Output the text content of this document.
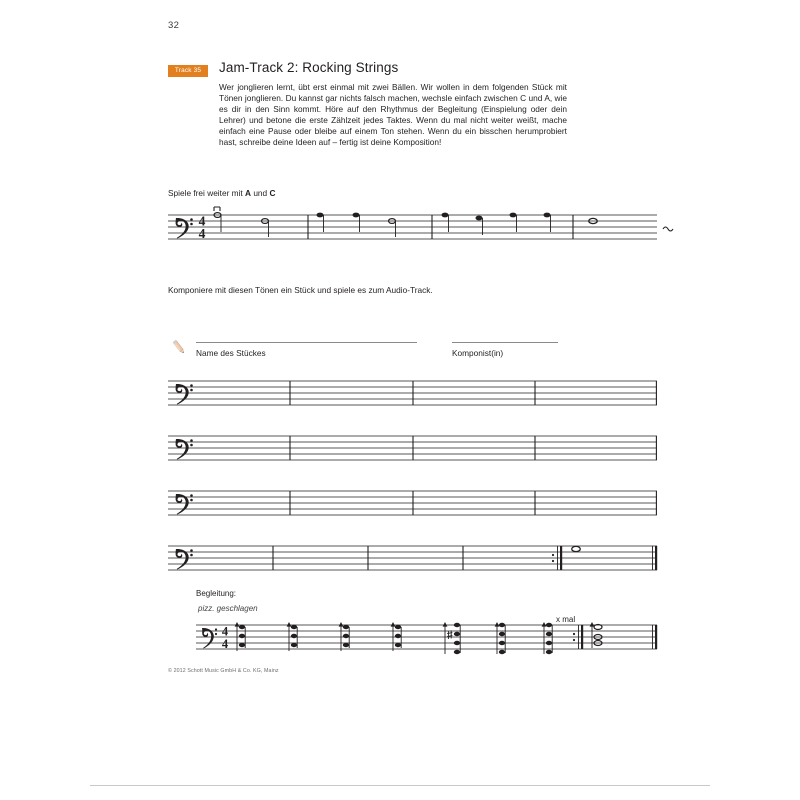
32
Track 35	Jam-Track 2: Rocking Strings
Wer jonglieren lernt, übt erst einmal mit zwei Bällen. Wir wollen in dem folgenden Stück mit Tönen jonglieren. Du kannst gar nichts falsch machen, wechsle einfach zwischen C und A, wie es dir in den Sinn kommt. Höre auf den Rhythmus der Begleitung (Einspielung oder dein Lehrer) und betone die erste Zählzeit jedes Taktes. Wenn du mal nicht weiter weißt, mache einfach eine Pause oder bleibe auf einem Ton stehen. Wenn du ein bisschen herumprobiert hast, schreibe deine Ideen auf – fertig ist deine Komposition!
Spiele frei weiter mit A und C
4
4
Komponiere mit diesen Tönen ein Stück und spiele es zum Audio-Track.
Name des Stückes	Komponist(in)
Begleitung:
pizz. geschlagen
x mal
4
4
© 2012 Schott Music GmbH & Co. KG, Mainz
